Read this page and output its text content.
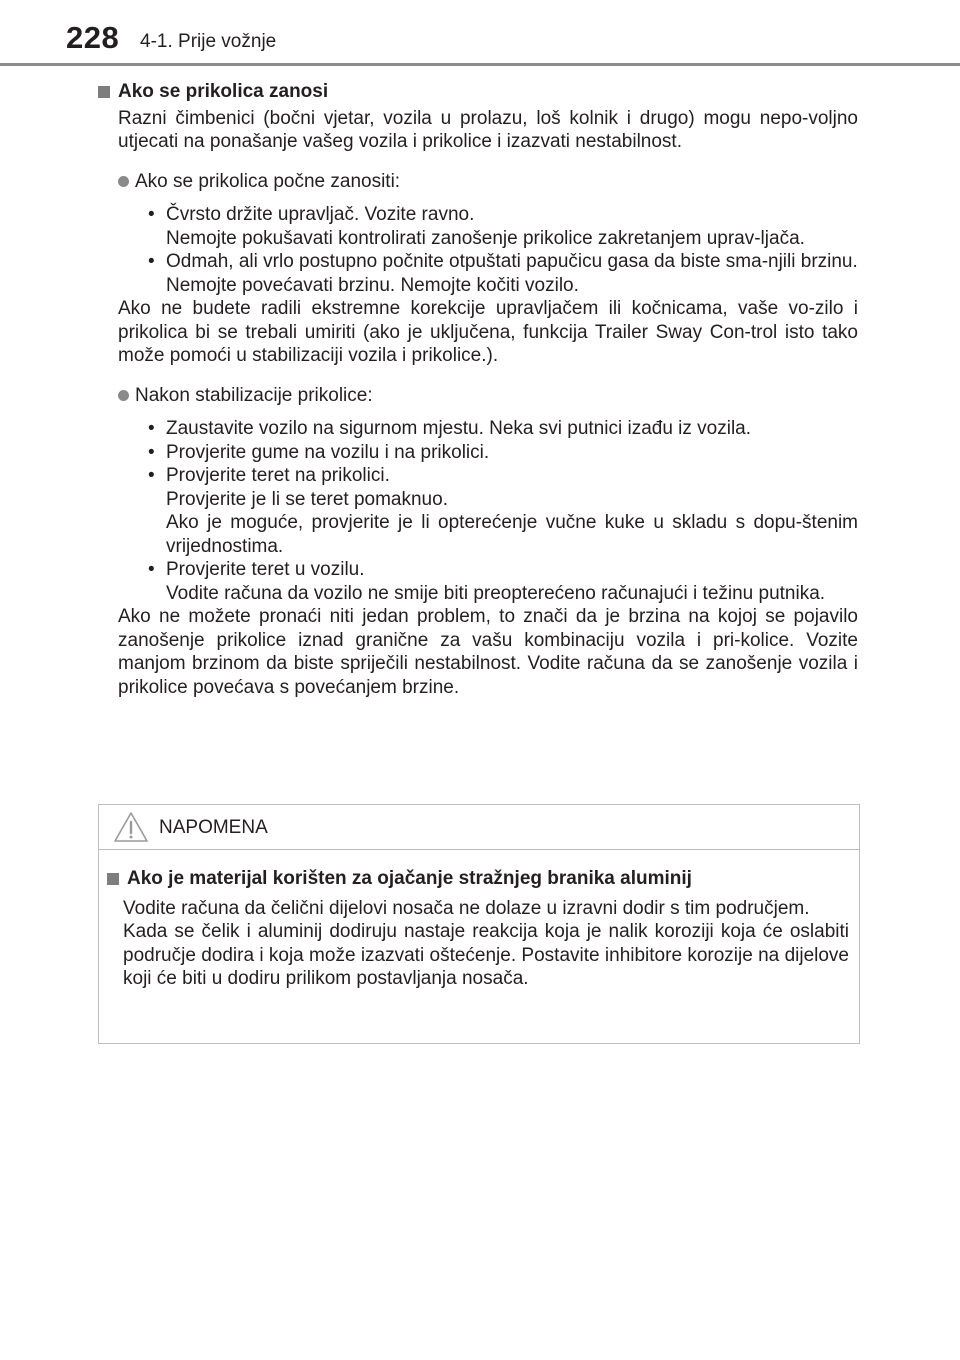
228 4-1. Prije vožnje
Ako se prikolica zanosi

Razni čimbenici (bočni vjetar, vozila u prolazu, loš kolnik i drugo) mogu nepo-voljno utjecati na ponašanje vašeg vozila i prikolice i izazvati nestabilnost.

Ako se prikolica počne zanositi:
• Čvrsto držite upravljač. Vozite ravno.
Nemojte pokušavati kontrolirati zanošenje prikolice zakretanjem uprav-ljača.
• Odmah, ali vrlo postupno počnite otpuštati papučicu gasa da biste sma-njili brzinu.
Nemojte povećavati brzinu. Nemojte kočiti vozilo.

Ako ne budete radili ekstremne korekcije upravljačem ili kočnicama, vaše vo-zilo i prikolica bi se trebali umiriti (ako je uključena, funkcija Trailer Sway Con-trol isto tako može pomoći u stabilizaciji vozila i prikolice.).

Nakon stabilizacije prikolice:
• Zaustavite vozilo na sigurnom mjestu. Neka svi putnici izađu iz vozila.
• Provjerite gume na vozilu i na prikolici.
• Provjerite teret na prikolici.
Provjerite je li se teret pomaknuo.
Ako je moguće, provjerite je li opterećenje vučne kuke u skladu s dopu-štenim vrijednostima.
• Provjerite teret u vozilu.
Vodite računa da vozilo ne smije biti preopterećeno računajući i težinu putnika.

Ako ne možete pronaći niti jedan problem, to znači da je brzina na kojoj se pojavilo zanošenje prikolice iznad granične za vašu kombinaciju vozila i pri-kolice. Vozite manjom brzinom da biste spriječili nestabilnost. Vodite računa da se zanošenje vozila i prikolice povećava s povećanjem brzine.

NAPOMENA
Ako je materijal korišten za ojačanje stražnjeg branika aluminij

Vodite računa da čelični dijelovi nosača ne dolaze u izravni dodir s tim područjem.

Kada se čelik i aluminij dodiruju nastaje reakcija koja je nalik koroziji koja će oslabiti područje dodira i koja može izazvati oštećenje. Postavite inhibitore korozije na dijelove koji će biti u dodiru prilikom postavljanja nosača.
